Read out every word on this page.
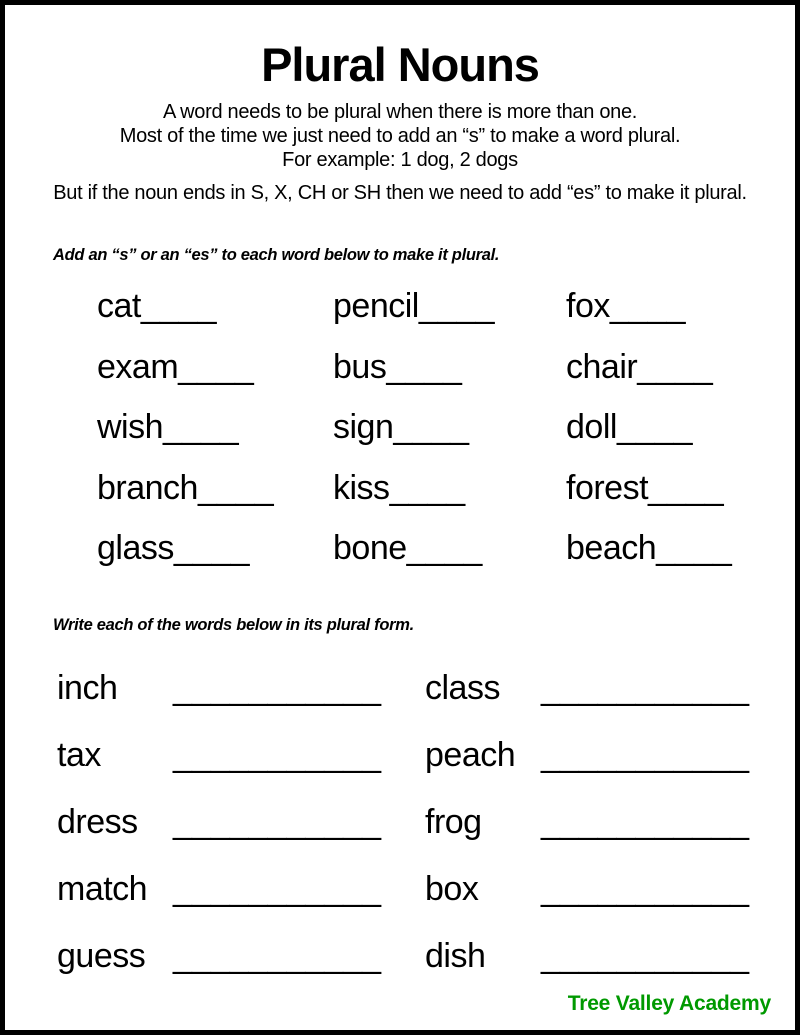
Plural Nouns
A word needs to be plural when there is more than one.
Most of the time we just need to add an “s” to make a word plural.
For example: 1 dog, 2 dogs
But if the noun ends in S, X, CH or SH then we need to add “es” to make it plural.
Add an “s” or an “es” to each word below to make it plural.
cat____	pencil____	fox____
exam____	bus____	chair____
wish____	sign____	doll____
branch____	kiss____	forest____
glass____	bone____	beach____
Write each of the words below in its plural form.
inch ___________	class ___________
tax ___________	peach ___________
dress ___________	frog ___________
match ___________	box ___________
guess ___________	dish ___________
Tree Valley Academy
